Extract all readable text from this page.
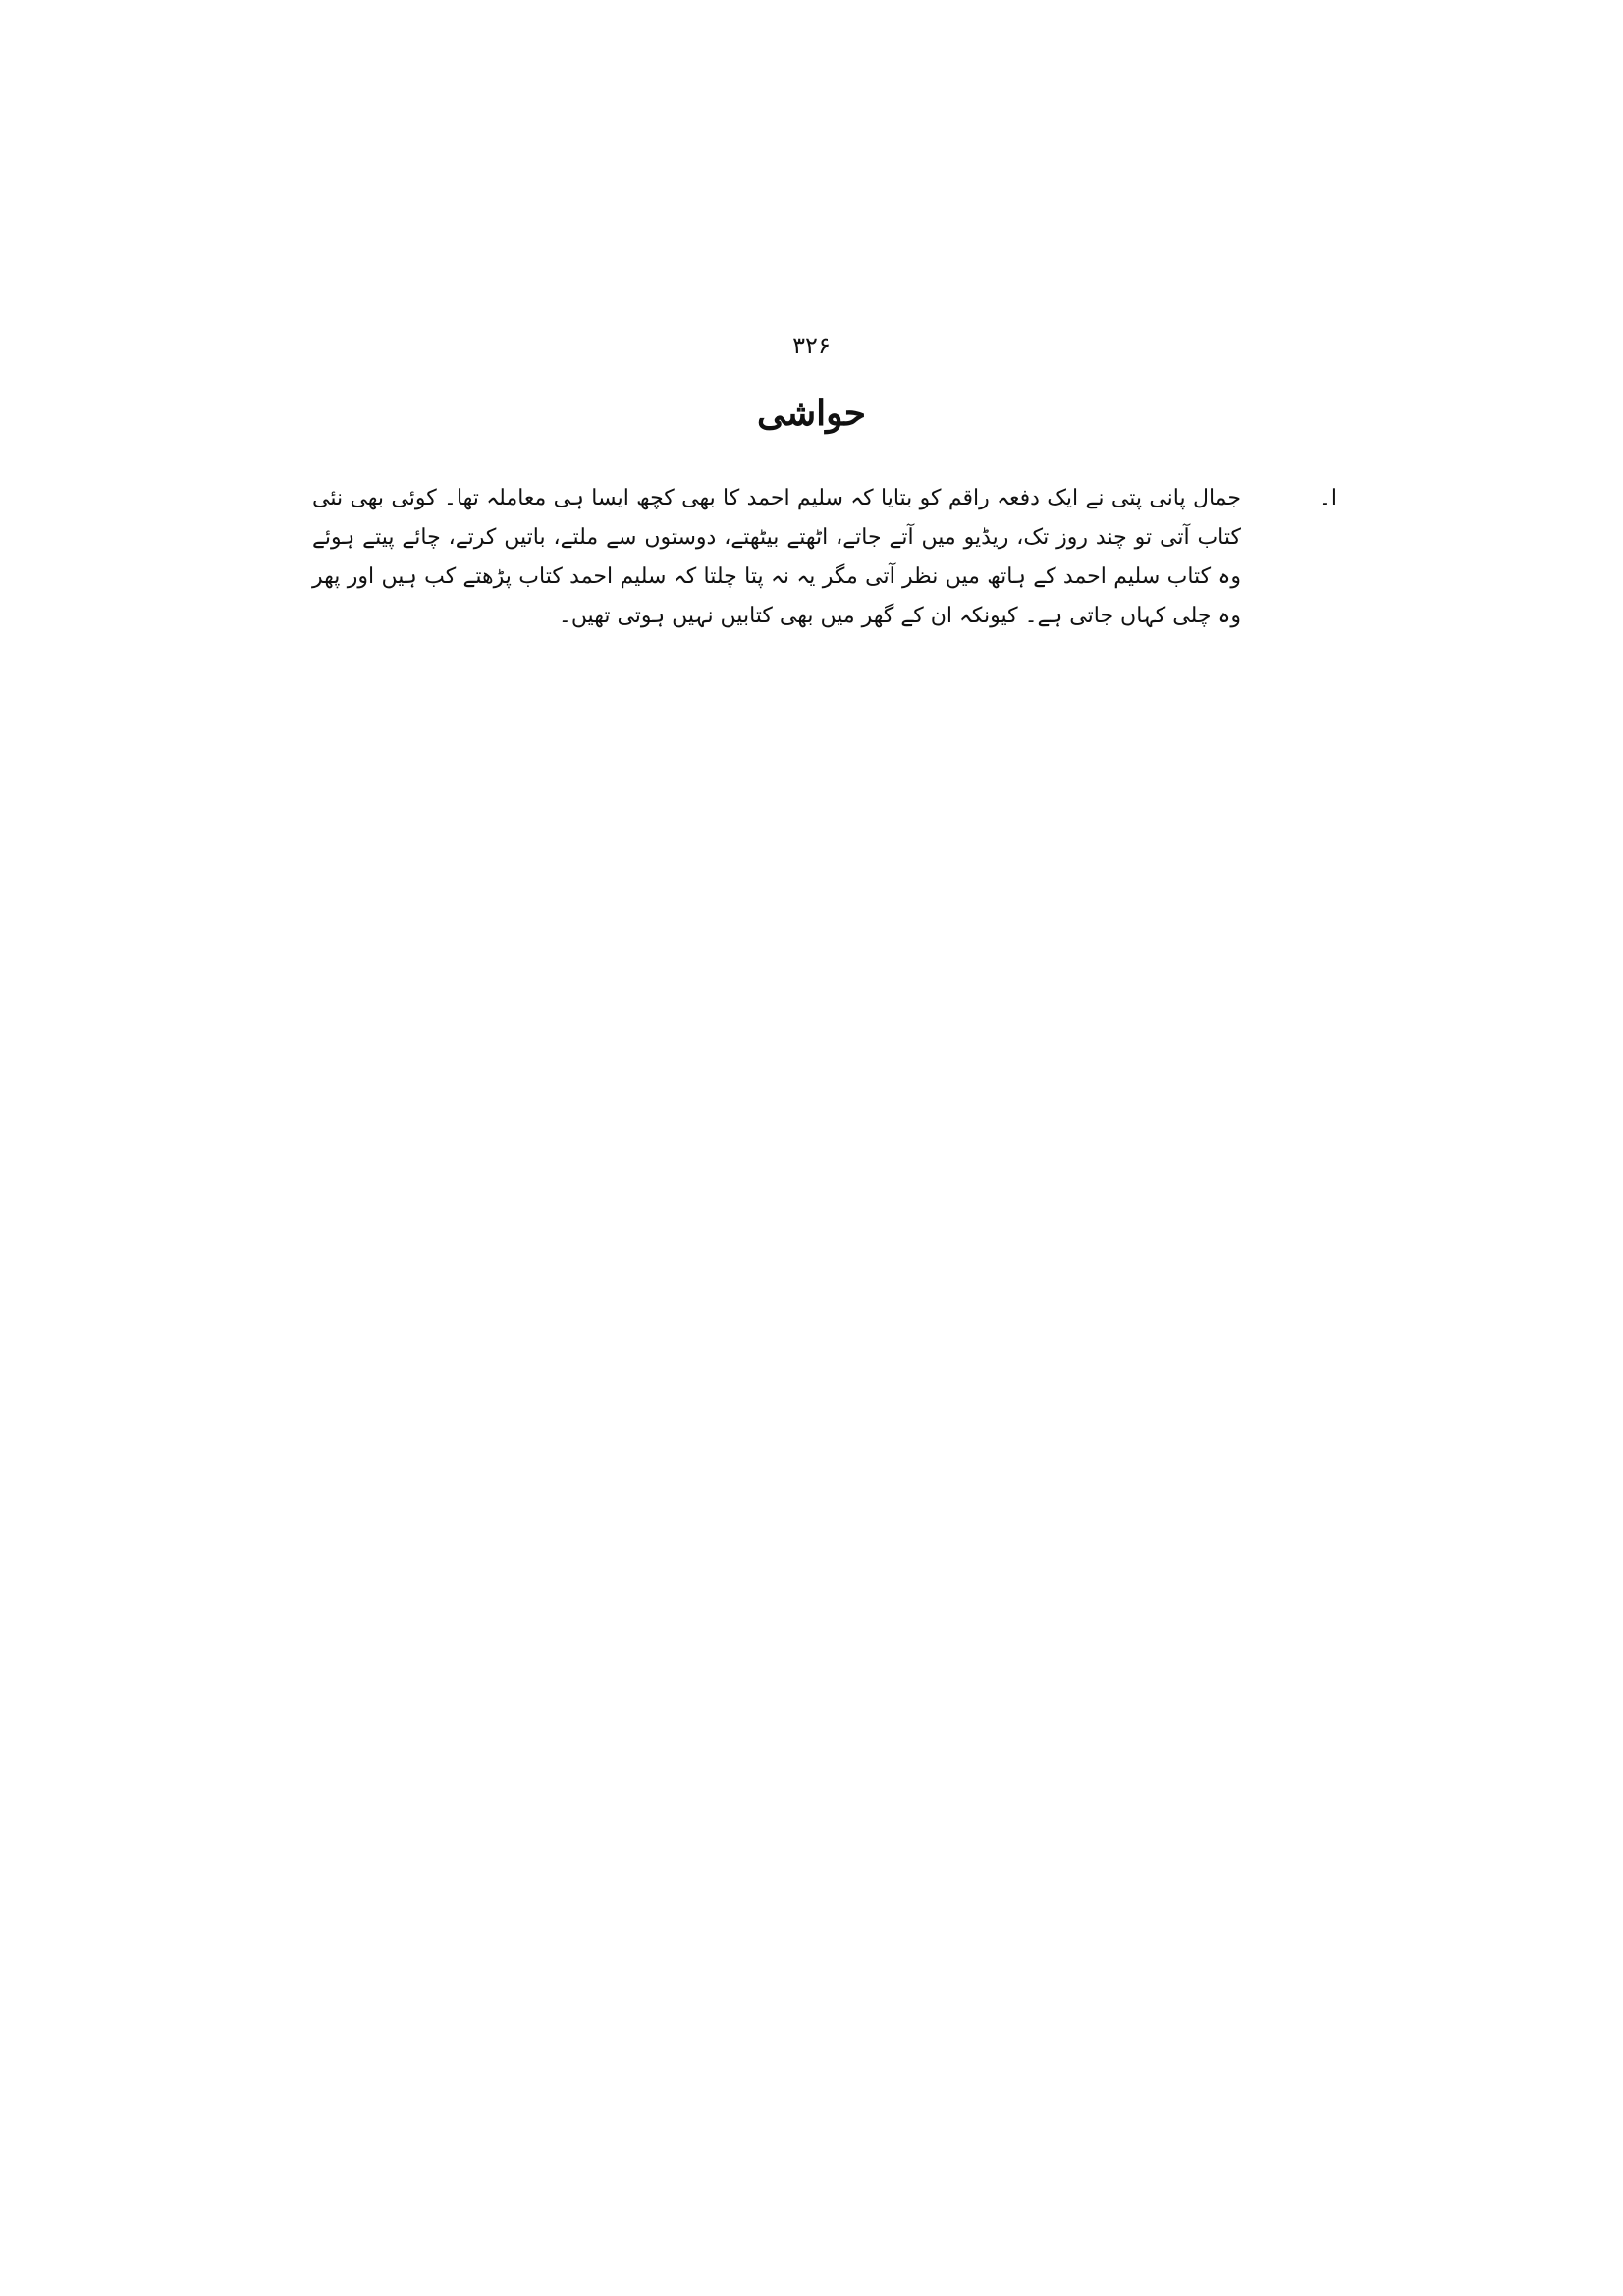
۳۲۶
حواشی
ا۔
جمال پانی پتی نے ایک دفعہ راقم کو بتایا کہ سلیم احمد کا بھی کچھ ایسا ہی معاملہ تھا۔ کوئی بھی نئی کتاب آتی تو چند روز تک، ریڈیو میں آتے جاتے، اٹھتے بیٹھتے، دوستوں سے ملتے، باتیں کرتے، چائے پیتے ہوئے وہ کتاب سلیم احمد کے ہاتھ میں نظر آتی مگر یہ نہ پتا چلتا کہ سلیم احمد کتاب پڑھتے کب ہیں اور پھر وہ چلی کہاں جاتی ہے۔ کیونکہ ان کے گھر میں بھی کتابیں نہیں ہوتی تھیں۔
